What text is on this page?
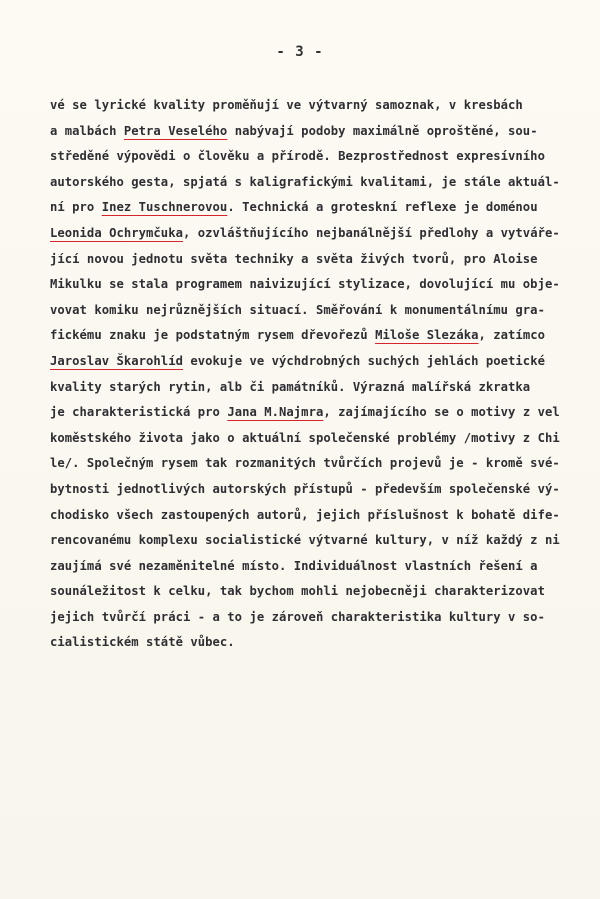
- 3 -
vé se lyrické kvality proměňují ve výtvarný samoznak, v kresbách
a malbách Petra Veselého nabývají podoby maximálně oproštěné, sou-
středěné výpovědi o člověku a přírodě. Bezprostřednost expresívního
autorského gesta, spjatá s kaligrafickými kvalitami, je stále aktuál-
ní pro Inez Tuschnerovou. Technická a groteskní reflexe je doménou
Leonida Ochrymčuka, ozvláštňujícího nejbanálnější předlohy a vytváře-
jící novou jednotu světa techniky a světa živých tvorů, pro Aloise
Mikulku se stala programem naivizující stylizace, dovolující mu obje-
vovat komiku nejrůznějších situací. Směřování k monumentálnímu gra-
fickému znaku je podstatným rysem dřevořezů Miloše Slezáka, zatímco
Jaroslav Škarohlíd evokuje ve výchdrobných suchých jehlách poetické
kvality starých rytin, alb či památníků. Výrazná malířská zkratka
je charakteristická pro Jana M.Najmra, zajímajícího se o motivy z vel
koměstského života jako o aktuální společenské problémy /motivy z Chi
le/. Společným rysem tak rozmanitých tvůrčích projevů je - kromě své-
bytnosti jednotlivých autorských přístupů - především společenské vý-
chodisko všech zastoupených autorů, jejich příslušnost k bohatě dife-
rencovanému komplexu socialistické výtvarné kultury, v níž každý z ni
zaujímá své nezaměnitelné místo. Individuálnost vlastních řešení a
sounáležitost k celku, tak bychom mohli nejobecněji charakterizovat
jejich tvůrčí práci - a to je zároveň charakteristika kultury v so-
cialistickém státě vůbec.
